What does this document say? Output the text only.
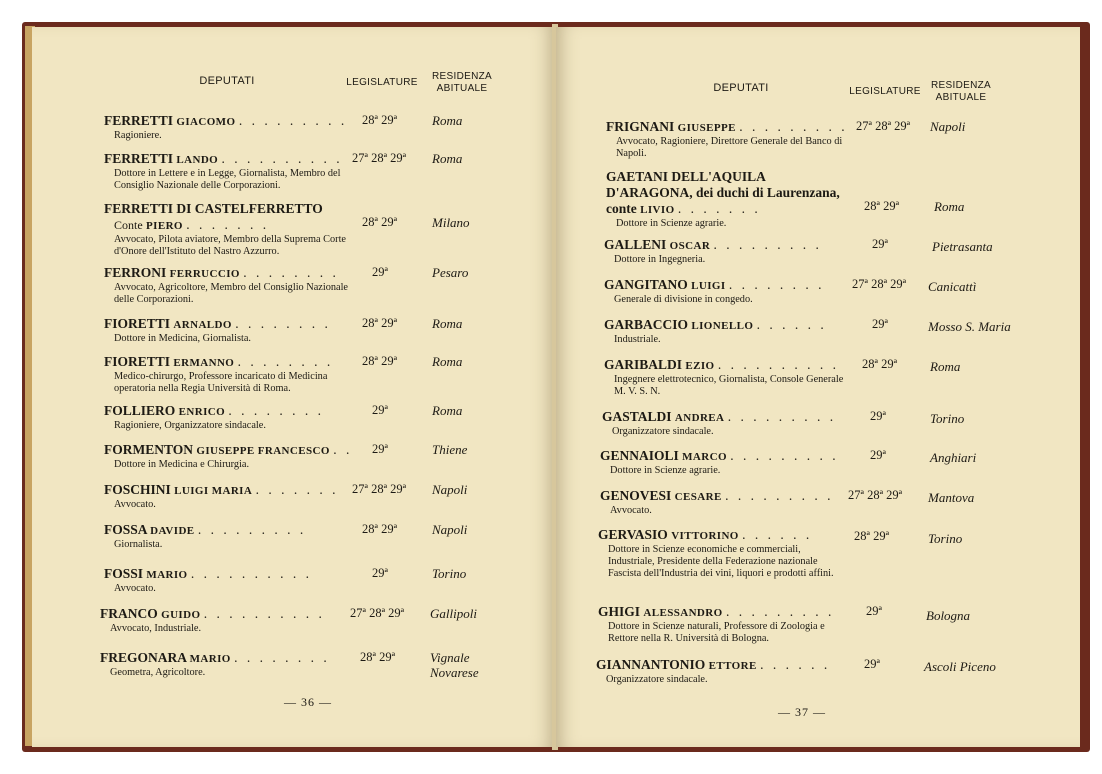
DEPUTATI	LEGISLATURE
RESIDENZA
ABITUALE
FERRETTI GIACOMO . . . . . . . . .
Ragioniere.
28ª 29ª	Roma
FERRETTI LANDO . . . . . . . . . .
Dottore in Lettere e in Legge, Giornalista, Membro del Consiglio Nazionale delle Corporazioni.
27ª 28ª 29ª Roma
FERRETTI DI CASTELFERRETTO
Conte PIERO . . . . . . .
Avvocato, Pilota aviatore, Membro della Suprema Corte d'Onore dell'Istituto del Nastro Azzurro.
28ª 29ª	Milano
FERRONI FERRUCCIO . . . . . . . .
Avvocato, Agricoltore, Membro del Consiglio Nazionale delle Corporazioni.
29ª	Pesaro
FIORETTI ARNALDO . . . . . . . .
Dottore in Medicina, Giornalista.
28ª 29ª	Roma
FIORETTI ERMANNO . . . . . . . .
Medico-chirurgo, Professore incaricato di Medicina operatoria nella Regia Università di Roma.
28ª 29ª	Roma
FOLLIERO ENRICO . . . . . . . .
Ragioniere, Organizzatore sindacale.
29ª	Roma
FORMENTON GIUSEPPE FRANCESCO . .
Dottore in Medicina e Chirurgia.
29ª	Thiene
FOSCHINI LUIGI MARIA . . . . . . .
Avvocato.
27ª 28ª 29ª Napoli
FOSSA DAVIDE . . . . . . . . .
Giornalista.
28ª 29ª	Napoli
FOSSI MARIO . . . . . . . . . .
Avvocato.
29ª	Torino
FRANCO GUIDO . . . . . . . . . .
Avvocato, Industriale.
27ª 28ª 29ª Gallipoli
FREGONARA MARIO . . . . . . . .
Geometra, Agricoltore.
28ª 29ª	Vignale Novarese
— 36 —
DEPUTATI	LEGISLATURE
RESIDENZA
ABITUALE
FRIGNANI GIUSEPPE . . . . . . . . .
Avvocato, Ragioniere, Direttore Generale del Banco di Napoli.
27ª 28ª 29ª Napoli
GAETANI DELL'AQUILA D'ARAGONA, dei duchi di Laurenzana, conte LIVIO . . . . . . .
Dottore in Scienze agrarie.
28ª 29ª	Roma
GALLENI OSCAR . . . . . . . . .
Dottore in Ingegneria.
29ª	Pietrasanta
GANGITANO LUIGI . . . . . . . .
Generale di divisione in congedo.
27ª 28ª 29ª Canicattì
GARBACCIO LIONELLO . . . . . .
Industriale.
29ª	Mosso S. Maria
GARIBALDI EZIO . . . . . . . . . .
Ingegnere elettrotecnico, Giornalista, Console Generale M. V. S. N.
28ª 29ª	Roma
GASTALDI ANDREA . . . . . . . . .
Organizzatore sindacale.
29ª	Torino
GENNAIOLI MARCO . . . . . . . . .
Dottore in Scienze agrarie.
29ª	Anghiari
GENOVESI CESARE . . . . . . . . .
Avvocato.
27ª 28ª 29ª Mantova
GERVASIO VITTORINO . . . . . .
Dottore in Scienze economiche e commerciali, Industriale, Presidente della Federazione nazionale Fascista dell'Industria dei vini, liquori e prodotti affini.
28ª 29ª	Torino
GHIGI ALESSANDRO . . . . . . . . .
Dottore in Scienze naturali, Professore di Zoologia e Rettore nella R. Università di Bologna.
29ª	Bologna
GIANNANTONIO ETTORE . . . . . .
Organizzatore sindacale.
29ª	Ascoli Piceno
— 37 —
